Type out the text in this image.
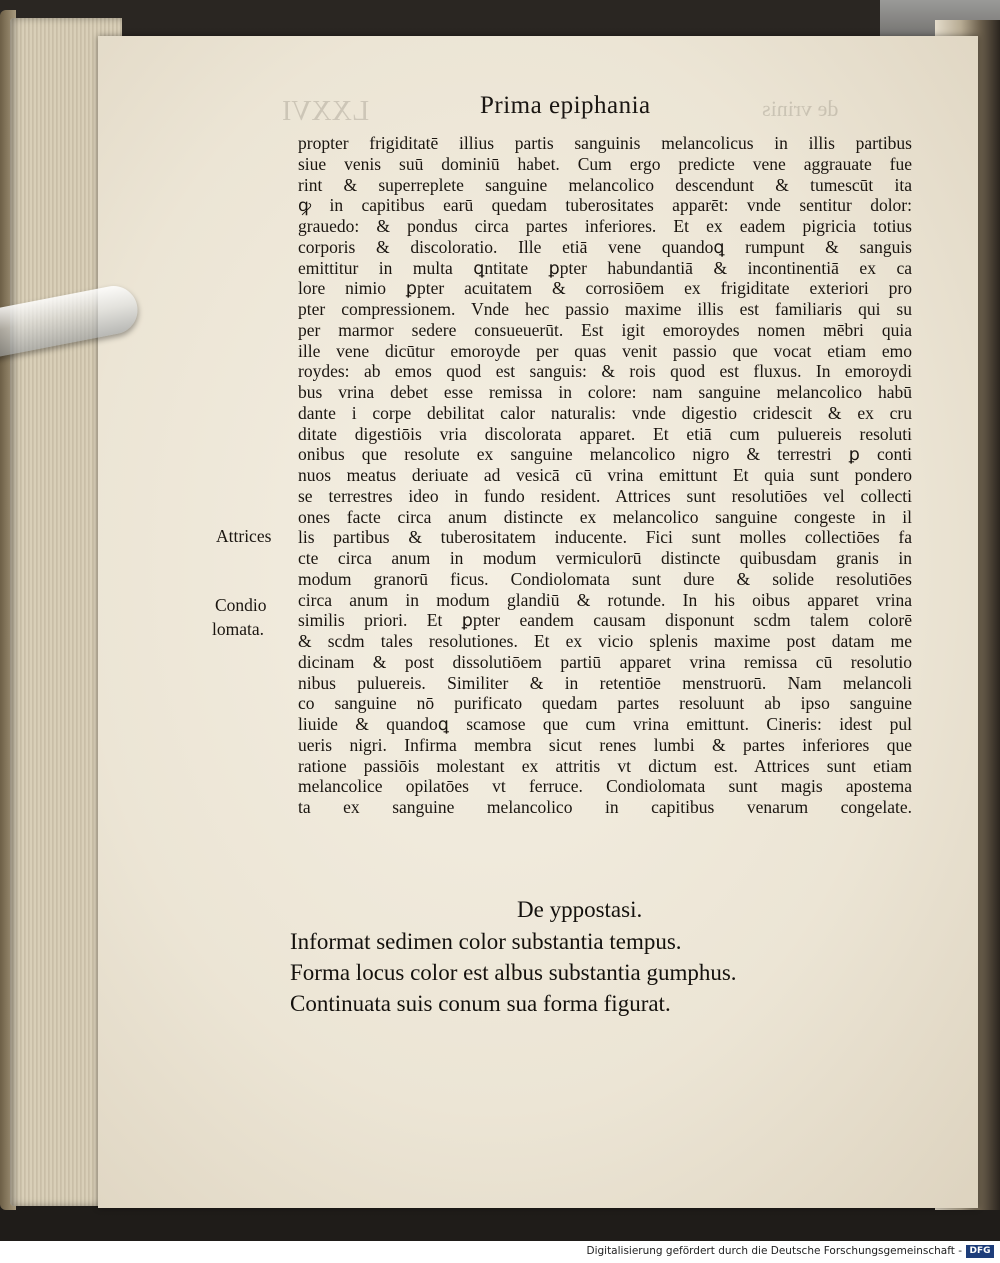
LXXVI	de vrinis
Prima epiphania
propter frigiditatē illius partis sanguinis melancolicus in illis partibus
siue venis suū dominiū habet. Cum ergo predicte vene aggrauate fue
rint & superreplete sanguine melancolico descendunt & tumescūt ita
ꝙ in capitibus earū quedam tuberositates apparēt: vnde sentitur dolor:
grauedo: & pondus circa partes inferiores. Et ex eadem pigricia totius
corporis & discoloratio. Ille etiā vene quandoꝗ rumpunt & sanguis
emittitur in multa ꝗntitate ꝑpter habundantiā & incontinentiā ex ca
lore nimio ꝑpter acuitatem & corrosiōem ex frigiditate exteriori pro
pter compressionem. Vnde hec passio maxime illis est familiaris qui su
per marmor sedere consueuerūt. Est igit emoroydes nomen mēbri quia
ille vene dicūtur emoroyde per quas venit passio que vocat etiam emo
roydes: ab emos quod est sanguis: & rois quod est fluxus. In emoroydi
bus vrina debet esse remissa in colore: nam sanguine melancolico habū
dante i corpe debilitat calor naturalis: vnde digestio cridescit & ex cru
ditate digestiōis vria discolorata apparet. Et etiā cum puluereis resoluti
onibus que resolute ex sanguine melancolico nigro & terrestri ꝑ conti
nuos meatus deriuate ad vesicā cū vrina emittunt Et quia sunt pondero
se terrestres ideo in fundo resident. Attrices sunt resolutiōes vel collecti
ones facte circa anum distincte ex melancolico sanguine congeste in il
lis partibus & tuberositatem inducente. Fici sunt molles collectiōes fa
cte circa anum in modum vermiculorū distincte quibusdam granis in
modum granorū ficus. Condiolomata sunt dure & solide resolutiōes
circa anum in modum glandiū & rotunde. In his oibus apparet vrina
similis priori. Et ꝑpter eandem causam disponunt scdm talem colorē
& scdm tales resolutiones. Et ex vicio splenis maxime post datam me
dicinam & post dissolutiōem partiū apparet vrina remissa cū resolutio
nibus puluereis. Similiter & in retentiōe menstruorū. Nam melancoli
co sanguine nō purificato quedam partes resoluunt ab ipso sanguine
liuide & quandoꝗ scamose que cum vrina emittunt. Cineris: idest pul
ueris nigri. Infirma membra sicut renes lumbi & partes inferiores que
ratione passiōis molestant ex attritis vt dictum est. Attrices sunt etiam
melancolice opilatōes vt ferruce. Condiolomata sunt magis apostema
ta ex sanguine melancolico in capitibus venarum congelate.
Attrices
Condio
lomata.
De yppostasi.
Informat sedimen color substantia tempus.
Forma locus color est albus substantia gumphus.
Continuata suis conum sua forma figurat.
Digitalisierung gefördert durch die Deutsche Forschungsgemeinschaft - DFG
